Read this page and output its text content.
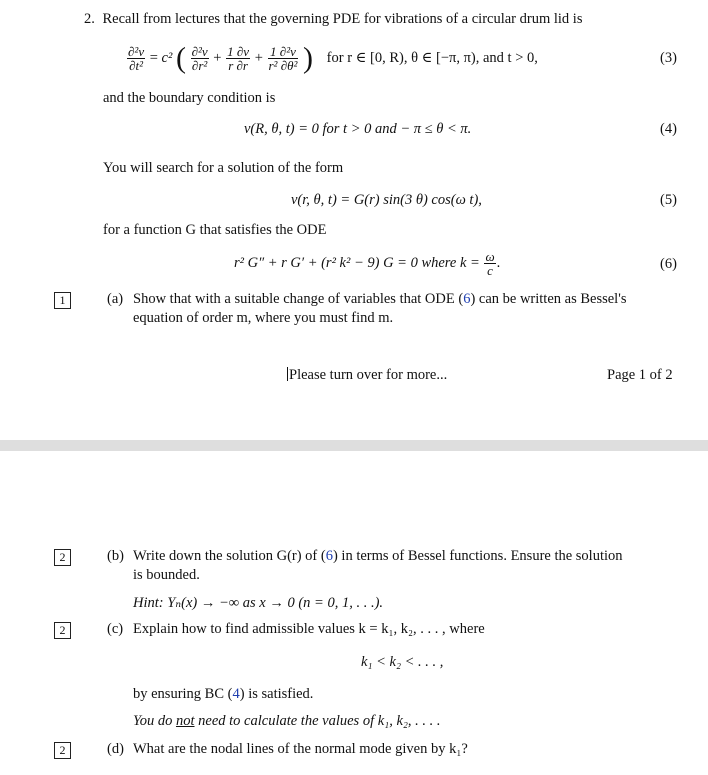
2. Recall from lectures that the governing PDE for vibrations of a circular drum lid is
$\frac{\text{∂²v}}{\text{∂t²}} = c^2$ ( $\frac{\text{∂²v}}{\text{∂r²}} + \frac{1 \partial v}{r \partial r} + \frac{\text{1 ∂²v}}{\text{r² ∂θ²}}$ ) for r ∈ [0, R), θ ∈ [−π, π), and t > 0,	(3)
and the boundary condition is
v(R, θ, t) = 0 for t > 0 and − π ≤ θ < π.	(4)
You will search for a solution of the form
v(r, θ, t) = G(r) sin(3 θ) cos(ω t),	(5)
for a function G that satisfies the ODE
r² G″ + r G′ + (r² k² − 9) G = 0 where $k = \frac{\omega}{c}$ .	(6)
1	(a) Show that with a suitable change of variables that ODE (6) can be written as Bessel's
equation of order m, where you must find m.
Please turn over for more...	Page 1 of 2
2	(b) Write down the solution G(r) of (6) in terms of Bessel functions. Ensure the solution
is bounded.
Hint: Yₙ(x) → −∞ as x → 0 (n = 0, 1, . . .).
2	(c) Explain how to find admissible values k = k₁, k₂, . . . , where
k₁ < k₂ < . . . ,
by ensuring BC (4) is satisfied.
You do not need to calculate the values of k₁, k₂, . . . .
2	(d) What are the nodal lines of the normal mode given by k₁?
